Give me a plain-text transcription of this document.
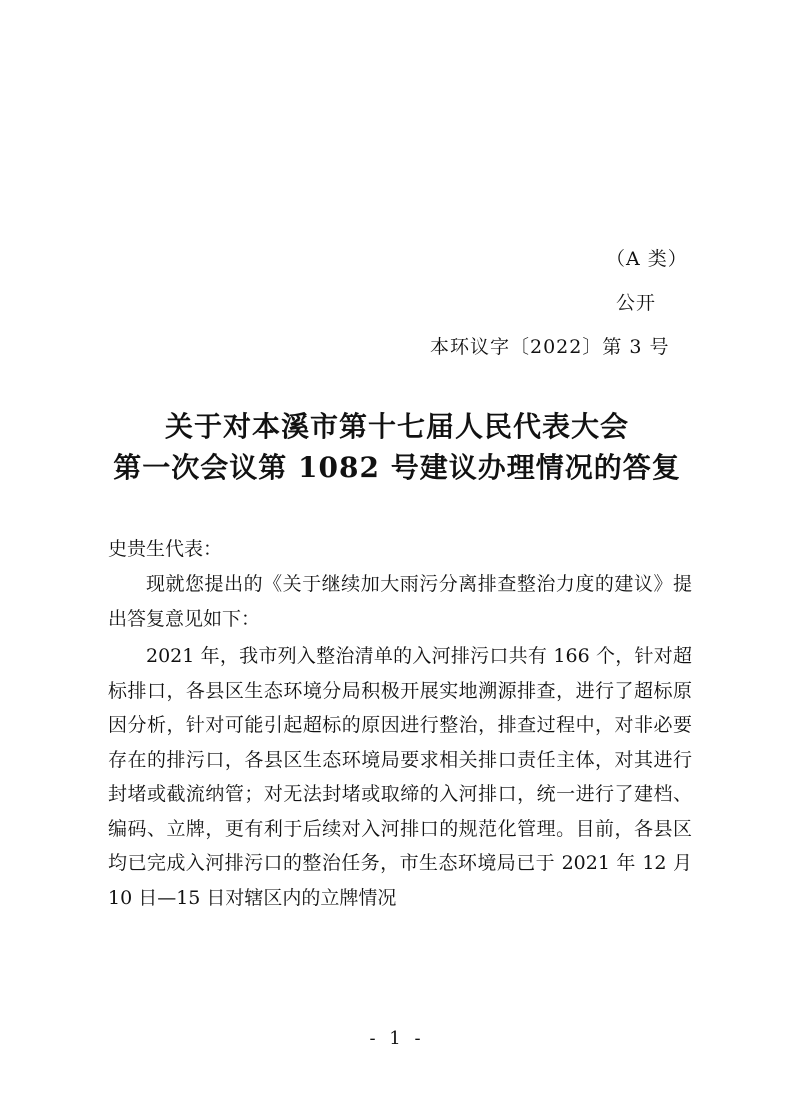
（A 类）
公开
本环议字〔2022〕第 3 号
关于对本溪市第十七届人民代表大会
第一次会议第 1082 号建议办理情况的答复
史贵生代表：
现就您提出的《关于继续加大雨污分离排查整治力度的建议》提出答复意见如下：
2021 年，我市列入整治清单的入河排污口共有 166 个，针对超标排口，各县区生态环境分局积极开展实地溯源排查，进行了超标原因分析，针对可能引起超标的原因进行整治，排查过程中，对非必要存在的排污口，各县区生态环境局要求相关排口责任主体，对其进行封堵或截流纳管；对无法封堵或取缔的入河排口，统一进行了建档、编码、立牌，更有利于后续对入河排口的规范化管理。目前，各县区均已完成入河排污口的整治任务，市生态环境局已于 2021 年 12 月 10 日—15 日对辖区内的立牌情况
- 1 -
